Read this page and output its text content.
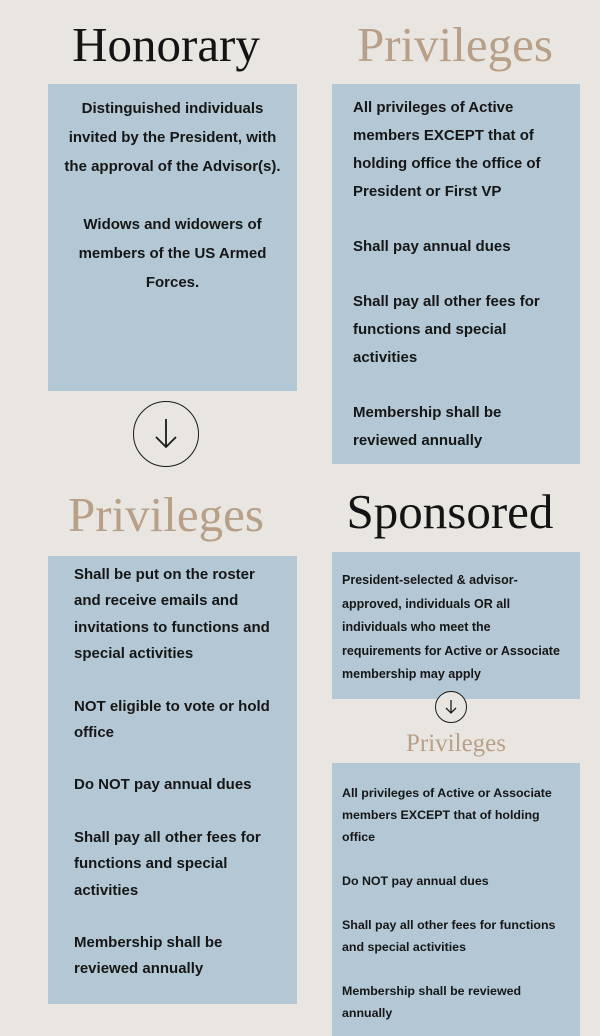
Honorary	Privileges

Distinguished individuals invited by the President, with the approval of the Advisor(s).

Widows and widowers of members of the US Armed Forces.

All privileges of Active members EXCEPT that of holding office the office of President or First VP

Shall pay annual dues

Shall pay all other fees for functions and special activities

Membership shall be reviewed annually

Privileges	Sponsored

Shall be put on the roster and receive emails and invitations to functions and special activities

NOT eligible to vote or hold office

Do NOT pay annual dues

Shall pay all other fees for functions and special activities

Membership shall be reviewed annually

President-selected & advisor-approved, individuals OR all individuals who meet the requirements for Active or Associate membership may apply

Privileges

All privileges of Active or Associate members EXCEPT that of holding office

Do NOT pay annual dues

Shall pay all other fees for functions and special activities

Membership shall be reviewed annually
